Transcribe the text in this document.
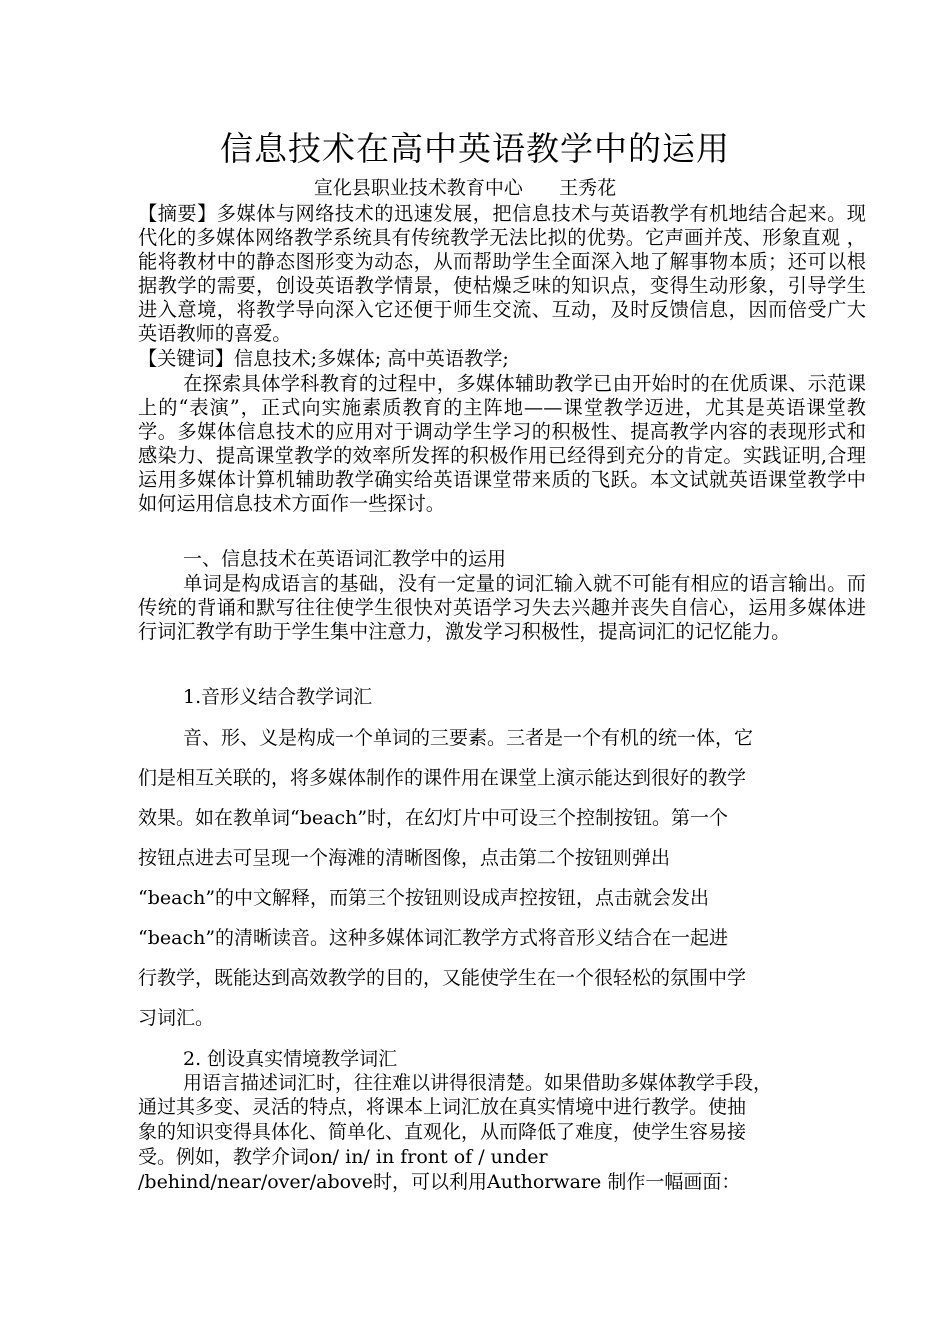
信息技术在高中英语教学中的运用
宣化县职业技术教育中心      王秀花
【摘要】多媒体与网络技术的迅速发展，把信息技术与英语教学有机地结合起来。现代化的多媒体网络教学系统具有传统教学无法比拟的优势。它声画并茂、形象直观 ，能将教材中的静态图形变为动态，从而帮助学生全面深入地了解事物本质；还可以根据教学的需要，创设英语教学情景，使枯燥乏味的知识点，变得生动形象，引导学生进入意境，将教学导向深入它还便于师生交流、互动，及时反馈信息，因而倍受广大英语教师的喜爱。
【关键词】信息技术;多媒体; 高中英语教学;
在探索具体学科教育的过程中，多媒体辅助教学已由开始时的在优质课、示范课上的“表演”，正式向实施素质教育的主阵地——课堂教学迈进，尤其是英语课堂教学。多媒体信息技术的应用对于调动学生学习的积极性、提高教学内容的表现形式和感染力、提高课堂教学的效率所发挥的积极作用已经得到充分的肯定。实践证明,合理运用多媒体计算机辅助教学确实给英语课堂带来质的飞跃。本文试就英语课堂教学中如何运用信息技术方面作一些探讨。
一、信息技术在英语词汇教学中的运用
单词是构成语言的基础，没有一定量的词汇输入就不可能有相应的语言输出。而传统的背诵和默写往往使学生很快对英语学习失去兴趣并丧失自信心，运用多媒体进行词汇教学有助于学生集中注意力，激发学习积极性，提高词汇的记忆能力。
1.音形义结合教学词汇
音、形、义是构成一个单词的三要素。三者是一个有机的统一体，它
们是相互关联的，将多媒体制作的课件用在课堂上演示能达到很好的教学
效果。如在教单词“beach”时，在幻灯片中可设三个控制按钮。第一个
按钮点进去可呈现一个海滩的清晰图像，点击第二个按钮则弹出
“beach”的中文解释，而第三个按钮则设成声控按钮，点击就会发出
“beach”的清晰读音。这种多媒体词汇教学方式将音形义结合在一起进
行教学，既能达到高效教学的目的，又能使学生在一个很轻松的氛围中学
习词汇。
2. 创设真实情境教学词汇
用语言描述词汇时，往往难以讲得很清楚。如果借助多媒体教学手段，
通过其多变、灵活的特点，将课本上词汇放在真实情境中进行教学。使抽
象的知识变得具体化、简单化、直观化，从而降低了难度，使学生容易接
受。例如，教学介词on/ in/ in front of / under
/behind/near/over/above时，可以利用Authorware 制作一幅画面：
